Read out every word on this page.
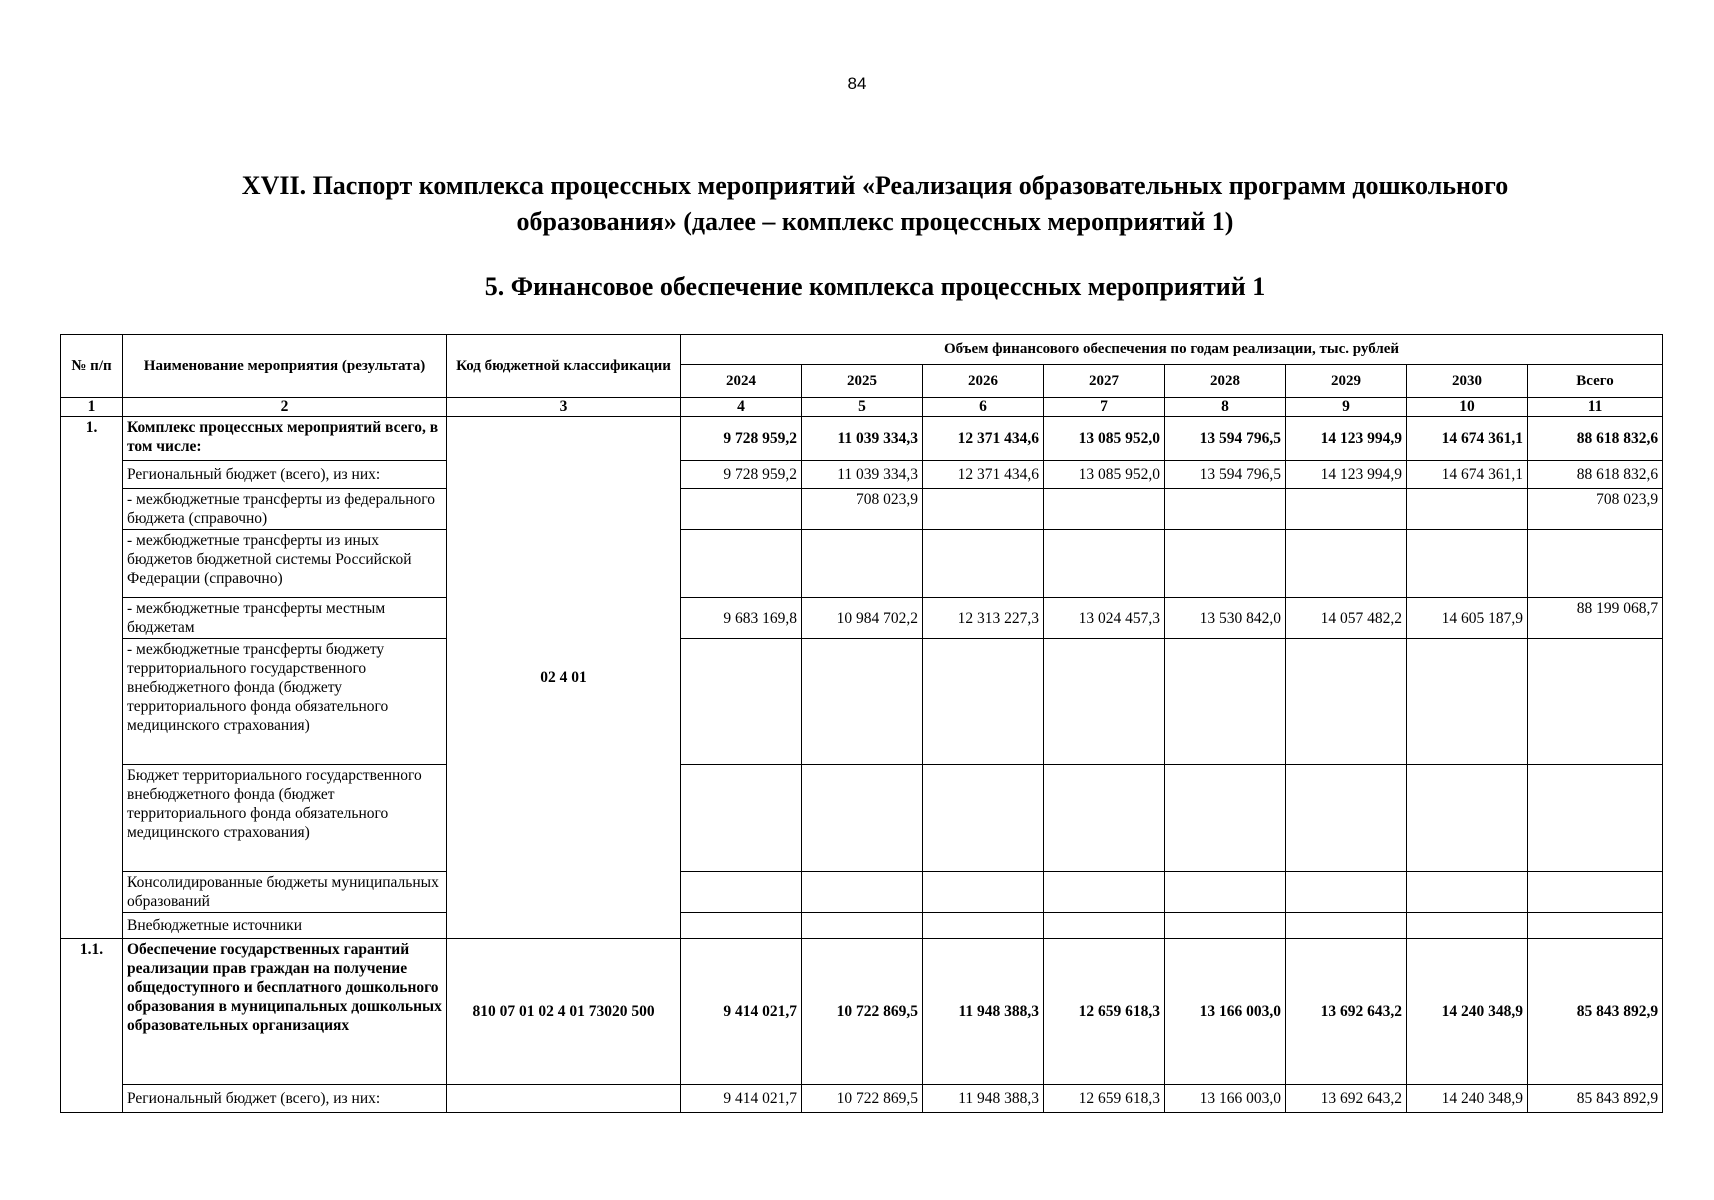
84
XVII. Паспорт комплекса процессных мероприятий «Реализация образовательных программ дошкольного образования» (далее – комплекс процессных мероприятий 1)
5. Финансовое обеспечение комплекса процессных мероприятий 1
№ п/п	Наименование мероприятия (результата)	Код бюджетной классификации	Объем финансового обеспечения по годам реализации, тыс. рублей							
			2024	2025	2026	2027	2028	2029	2030	Всего
1	2	3	4	5	6	7	8	9	10	11
1.	Комплекс процессных мероприятий всего, в том числе:	02 4 01	9 728 959,2	11 039 334,3	12 371 434,6	13 085 952,0	13 594 796,5	14 123 994,9	14 674 361,1	88 618 832,6
	Региональный бюджет (всего), из них:		9 728 959,2	11 039 334,3	12 371 434,6	13 085 952,0	13 594 796,5	14 123 994,9	14 674 361,1	88 618 832,6
	- межбюджетные трансферты из федерального бюджета (справочно)			708 023,9						708 023,9
	- межбюджетные трансферты из иных бюджетов бюджетной системы Российской Федерации (справочно)									
	- межбюджетные трансферты местным бюджетам		9 683 169,8	10 984 702,2	12 313 227,3	13 024 457,3	13 530 842,0	14 057 482,2	14 605 187,9	88 199 068,7
	- межбюджетные трансферты бюджету территориального государственного внебюджетного фонда (бюджету территориального фонда обязательного медицинского страхования)									
	Бюджет территориального государственного внебюджетного фонда (бюджет территориального фонда обязательного медицинского страхования)									
	Консолидированные бюджеты муниципальных образований									
	Внебюджетные источники									
1.1.	Обеспечение государственных гарантий реализации прав граждан на получение общедоступного и бесплатного дошкольного образования в муниципальных дошкольных образовательных организациях	810 07 01 02 4 01 73020 500	9 414 021,7	10 722 869,5	11 948 388,3	12 659 618,3	13 166 003,0	13 692 643,2	14 240 348,9	85 843 892,9
	Региональный бюджет (всего), из них:		9 414 021,7	10 722 869,5	11 948 388,3	12 659 618,3	13 166 003,0	13 692 643,2	14 240 348,9	85 843 892,9
